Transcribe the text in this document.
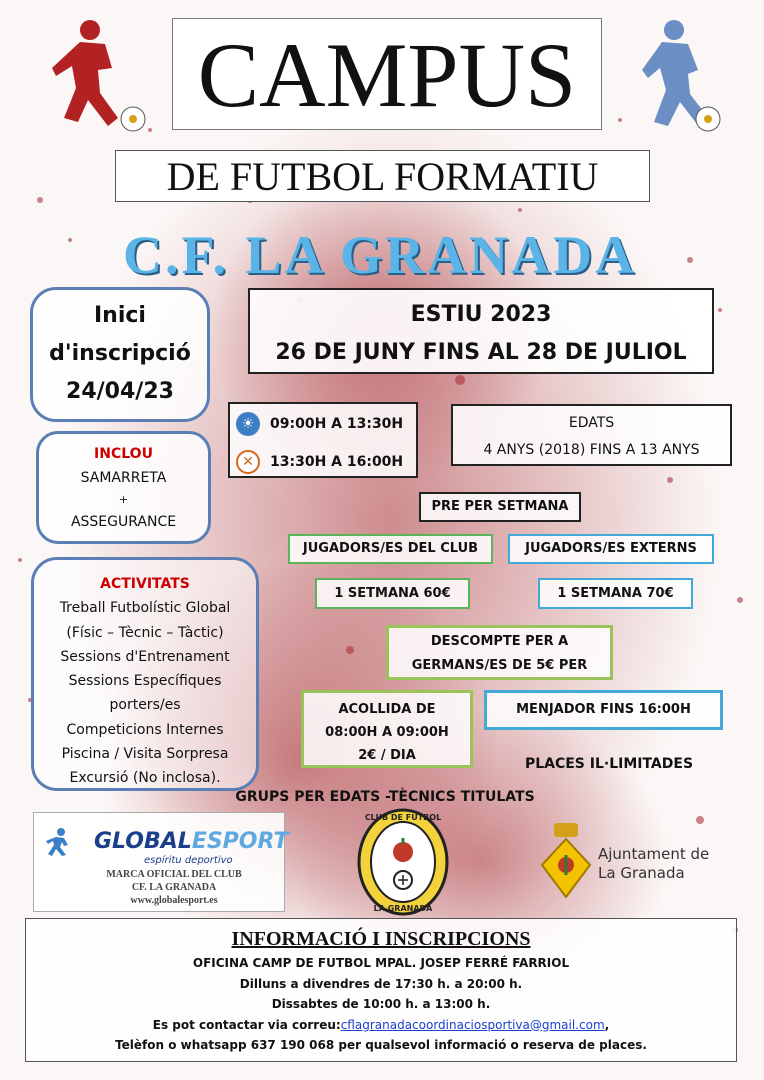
CAMPUS
DE FUTBOL FORMATIU
C.F. LA GRANADA
Inici
d'inscripció
24/04/23
ESTIU 2023
26 DE JUNY FINS AL 28 DE JULIOL
INCLOU
SAMARRETA
+
ASSEGURANCE
ACTIVITATS
Treball Futbolístic Global
(Físic – Tècnic – Tàctic)
Sessions d'Entrenament
Sessions Específiques
porters/es
Competicions Internes
Piscina / Visita Sorpresa
Excursió (No inclosa).
☀ 09:00H A 13:30H
✕ 13:30H A 16:00H
EDATS
4 ANYS (2018) FINS A 13 ANYS
PRE PER SETMANA
JUGADORS/ES DEL CLUB	JUGADORS/ES EXTERNS
1 SETMANA 60€	1 SETMANA 70€
DESCOMPTE PER A
GERMANS/ES DE 5€ PER
ACOLLIDA DE
08:00H A 09:00H
2€ / DIA
MENJADOR FINS 16:00H
PLACES IL·LIMITADES
GRUPS PER EDATS -TÈCNICS TITULATS
GLOBALESPORT
espíritu deportivo
MARCA OFICIAL DEL CLUB
CF. LA GRANADA
www.globalesport.es
CLUB DE FUTBOL
LA GRANADA
Ajuntament de
La Granada
INFORMACIÓ I INSCRIPCIONS
OFICINA CAMP DE FUTBOL MPAL. JOSEP FERRÉ FARRIOL
Dilluns a divendres de 17:30 h. a 20:00 h.
Dissabtes de 10:00 h. a 13:00 h.
Es pot contactar via correu:cflagranadacoordinaciosportiva@gmail.com,
Telèfon o whatsapp 637 190 068 per qualsevol informació o reserva de places.
